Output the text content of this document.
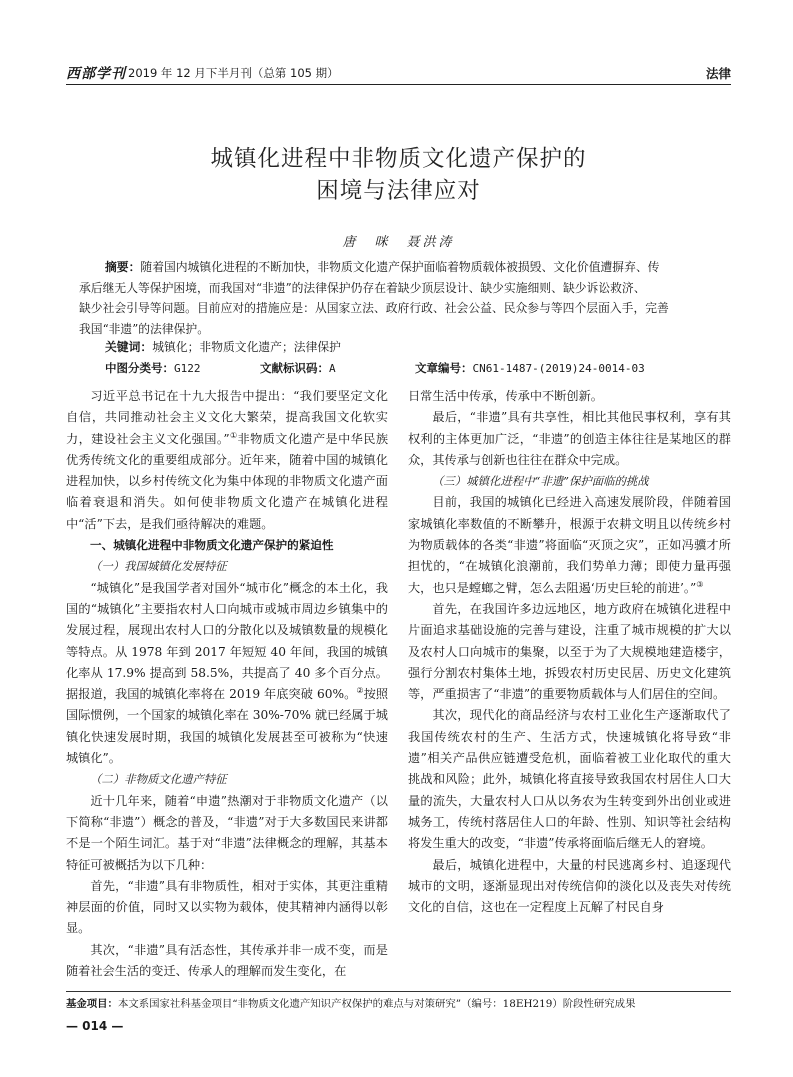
西部学刊 2019 年 12 月下半月刊（总第 105 期）	法律
城镇化进程中非物质文化遗产保护的
困境与法律应对
唐　咪　聂洪涛
摘要：随着国内城镇化进程的不断加快，非物质文化遗产保护面临着物质载体被损毁、文化价值遭摒弃、传
承后继无人等保护困境，而我国对“非遗”的法律保护仍存在着缺少顶层设计、缺少实施细则、缺少诉讼救济、
缺少社会引导等问题。目前应对的措施应是：从国家立法、政府行政、社会公益、民众参与等四个层面入手，完善
我国“非遗”的法律保护。
关键词：城镇化；非物质文化遗产；法律保护
中图分类号：G122	文献标识码：A	文章编号：CN61-1487-(2019)24-0014-03

习近平总书记在十九大报告中提出：“我们要坚定文化自信，共同推动社会主义文化大繁荣，提高我国文化软实力，建设社会主义文化强国。”①非物质文化遗产是中华民族优秀传统文化的重要组成部分。近年来，随着中国的城镇化进程加快，以乡村传统文化为集中体现的非物质文化遗产面临着衰退和消失。如何使非物质文化遗产在城镇化进程中“活”下去，是我们亟待解决的难题。

一、城镇化进程中非物质文化遗产保护的紧迫性
（一）我国城镇化发展特征

“城镇化”是我国学者对国外“城市化”概念的本土化，我国的“城镇化”主要指农村人口向城市或城市周边乡镇集中的发展过程，展现出农村人口的分散化以及城镇数量的规模化等特点。从 1978 年到 2017 年短短 40 年间，我国的城镇化率从 17.9% 提高到 58.5%，共提高了 40 多个百分点。据报道，我国的城镇化率将在 2019 年底突破 60%。②按照国际惯例，一个国家的城镇化率在 30%-70% 就已经属于城镇化快速发展时期，我国的城镇化发展甚至可被称为“快速城镇化”。

（二）非物质文化遗产特征

近十几年来，随着“申遗”热潮对于非物质文化遗产（以下简称“非遗”）概念的普及，“非遗”对于大多数国民来讲都不是一个陌生词汇。基于对“非遗”法律概念的理解，其基本特征可被概括为以下几种：

首先，“非遗”具有非物质性，相对于实体，其更注重精神层面的价值，同时又以实物为载体，使其精神内涵得以彰显。

其次，“非遗”具有活态性，其传承并非一成不变，而是随着社会生活的变迁、传承人的理解而发生变化，在

日常生活中传承，传承中不断创新。

最后，“非遗”具有共享性，相比其他民事权利，享有其权利的主体更加广泛，“非遗”的创造主体往往是某地区的群众，其传承与创新也往往在群众中完成。

（三）城镇化进程中“非遗”保护面临的挑战

目前，我国的城镇化已经进入高速发展阶段，伴随着国家城镇化率数值的不断攀升，根源于农耕文明且以传统乡村为物质载体的各类“非遗”将面临“灭顶之灾”，正如冯骥才所担忧的，“在城镇化浪潮前，我们势单力薄；即使力量再强大，也只是螳螂之臂，怎么去阻遏‘历史巨轮的前进’。”③

首先，在我国许多边远地区，地方政府在城镇化进程中片面追求基础设施的完善与建设，注重了城市规模的扩大以及农村人口向城市的集聚，以至于为了大规模地建造楼宇，强行分割农村集体土地，拆毁农村历史民居、历史文化建筑等，严重损害了“非遗”的重要物质载体与人们居住的空间。

其次，现代化的商品经济与农村工业化生产逐渐取代了我国传统农村的生产、生活方式，快速城镇化将导致“非遗”相关产品供应链遭受危机，面临着被工业化取代的重大挑战和风险；此外，城镇化将直接导致我国农村居住人口大量的流失，大量农村人口从以务农为生转变到外出创业或进城务工，传统村落居住人口的年龄、性别、知识等社会结构将发生重大的改变，“非遗”传承将面临后继无人的窘境。

最后，城镇化进程中，大量的村民逃离乡村、追逐现代城市的文明，逐渐显现出对传统信仰的淡化以及丧失对传统文化的自信，这也在一定程度上瓦解了村民自身

基金项目：本文系国家社科基金项目“非物质文化遗产知识产权保护的难点与对策研究”（编号：18EH219）阶段性研究成果
— 014 —
